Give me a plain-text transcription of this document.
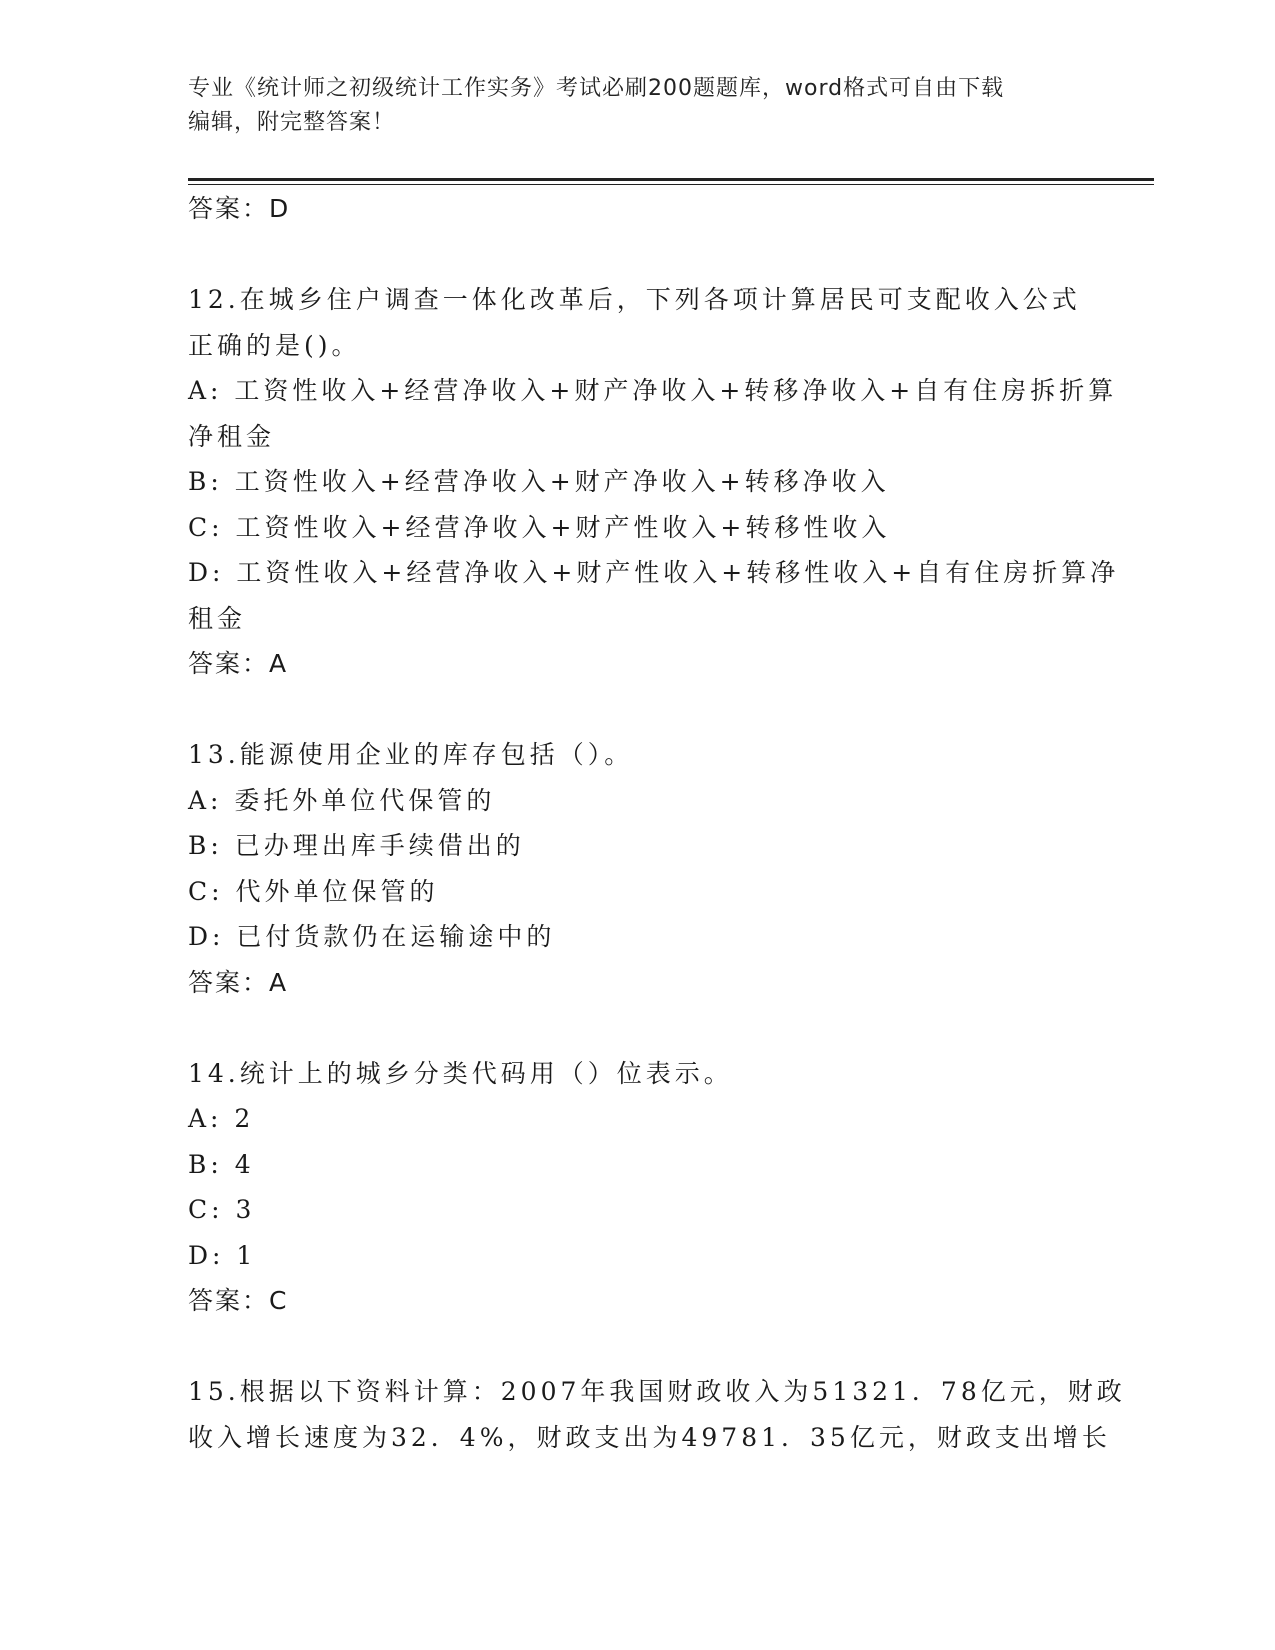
专业《统计师之初级统计工作实务》考试必刷200题题库，word格式可自由下载
编辑，附完整答案！
答案：D
12.在城乡住户调查一体化改革后，下列各项计算居民可支配收入公式
正确的是()。
A: 工资性收入+经营净收入+财产净收入+转移净收入+自有住房拆折算
净租金
B: 工资性收入+经营净收入+财产净收入+转移净收入
C: 工资性收入+经营净收入+财产性收入+转移性收入
D: 工资性收入+经营净收入+财产性收入+转移性收入+自有住房折算净
租金
答案：A
13.能源使用企业的库存包括（）。
A: 委托外单位代保管的
B: 已办理出库手续借出的
C: 代外单位保管的
D: 已付货款仍在运输途中的
答案：A
14.统计上的城乡分类代码用（）位表示。
A: 2
B: 4
C: 3
D: 1
答案：C
15.根据以下资料计算：2007年我国财政收入为51321．78亿元，财政
收入增长速度为32．4%，财政支出为49781．35亿元，财政支出增长
